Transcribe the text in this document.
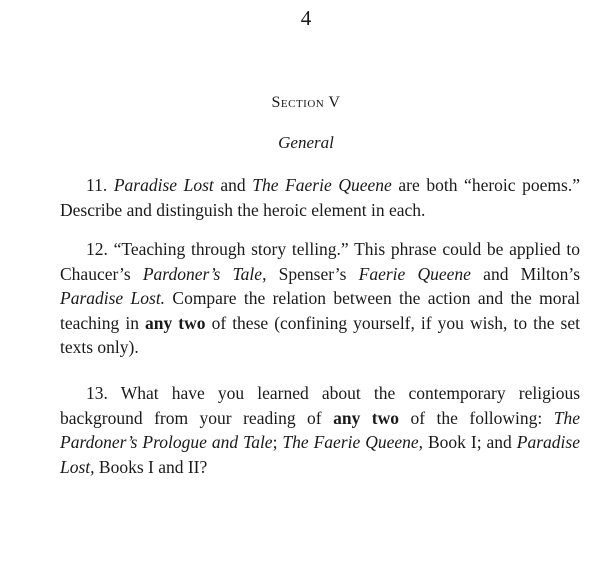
4
Section V
General

11. Paradise Lost and The Faerie Queene are both “heroic poems.” Describe and distinguish the heroic element in each.

12. “Teaching through story telling.” This phrase could be applied to Chaucer’s Pardoner’s Tale, Spenser’s Faerie Queene and Milton’s Paradise Lost. Compare the relation between the action and the moral teaching in any two of these (confining yourself, if you wish, to the set texts only).

13. What have you learned about the contemporary religious background from your reading of any two of the following: The Pardoner’s Prologue and Tale; The Faerie Queene, Book I; and Paradise Lost, Books I and II?
